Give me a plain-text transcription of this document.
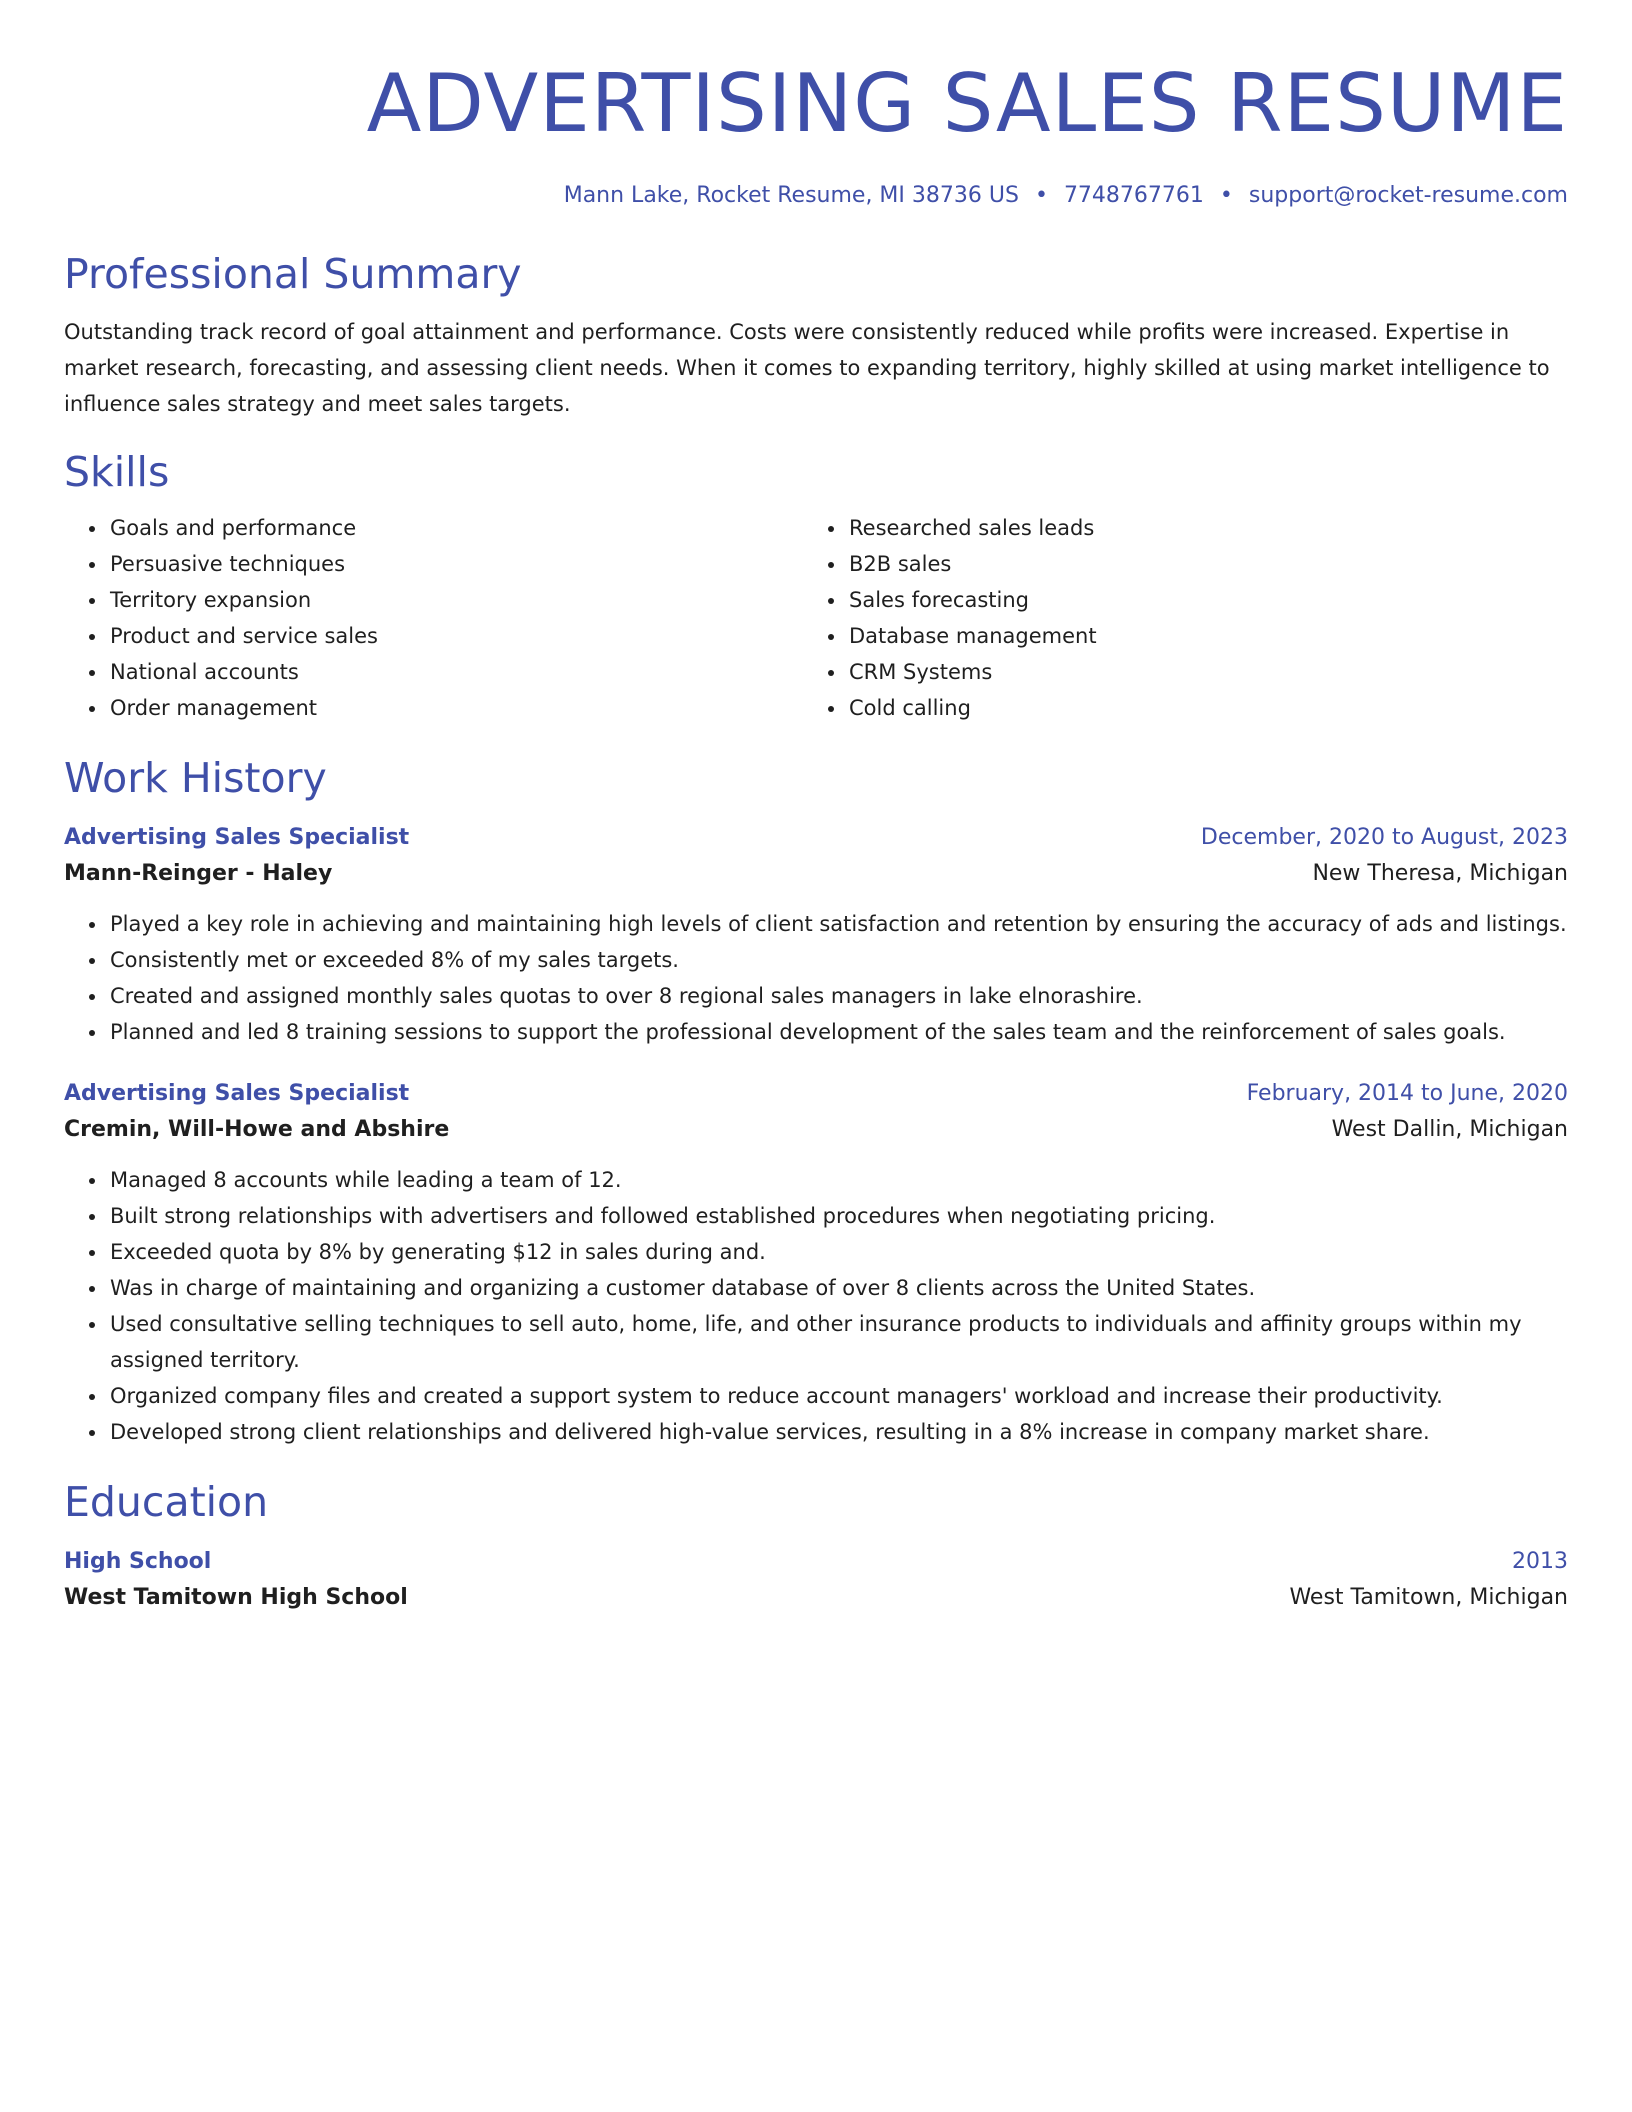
ADVERTISING SALES RESUME
Mann Lake, Rocket Resume, MI 38736 US • 7748767761 • support@rocket-resume.com
Professional Summary

Outstanding track record of goal attainment and performance. Costs were consistently reduced while profits were increased. Expertise in market research, forecasting, and assessing client needs. When it comes to expanding territory, highly skilled at using market intelligence to influence sales strategy and meet sales targets.

Skills
• Goals and performance
• Persuasive techniques
• Territory expansion
• Product and service sales
• National accounts
• Order management
• Researched sales leads
• B2B sales
• Sales forecasting
• Database management
• CRM Systems
• Cold calling
Work History
Advertising Sales Specialist	December, 2020 to August, 2023
Mann-Reinger - Haley	New Theresa, Michigan
• Played a key role in achieving and maintaining high levels of client satisfaction and retention by ensuring the accuracy of ads and listings.
• Consistently met or exceeded 8% of my sales targets.
• Created and assigned monthly sales quotas to over 8 regional sales managers in lake elnorashire.
• Planned and led 8 training sessions to support the professional development of the sales team and the reinforcement of sales goals.
Advertising Sales Specialist	February, 2014 to June, 2020
Cremin, Will-Howe and Abshire	West Dallin, Michigan
• Managed 8 accounts while leading a team of 12.
• Built strong relationships with advertisers and followed established procedures when negotiating pricing.
• Exceeded quota by 8% by generating $12 in sales during and.
• Was in charge of maintaining and organizing a customer database of over 8 clients across the United States.
• Used consultative selling techniques to sell auto, home, life, and other insurance products to individuals and affinity groups within my assigned territory.
• Organized company files and created a support system to reduce account managers' workload and increase their productivity.
• Developed strong client relationships and delivered high-value services, resulting in a 8% increase in company market share.
Education
High School	2013
West Tamitown High School	West Tamitown, Michigan
